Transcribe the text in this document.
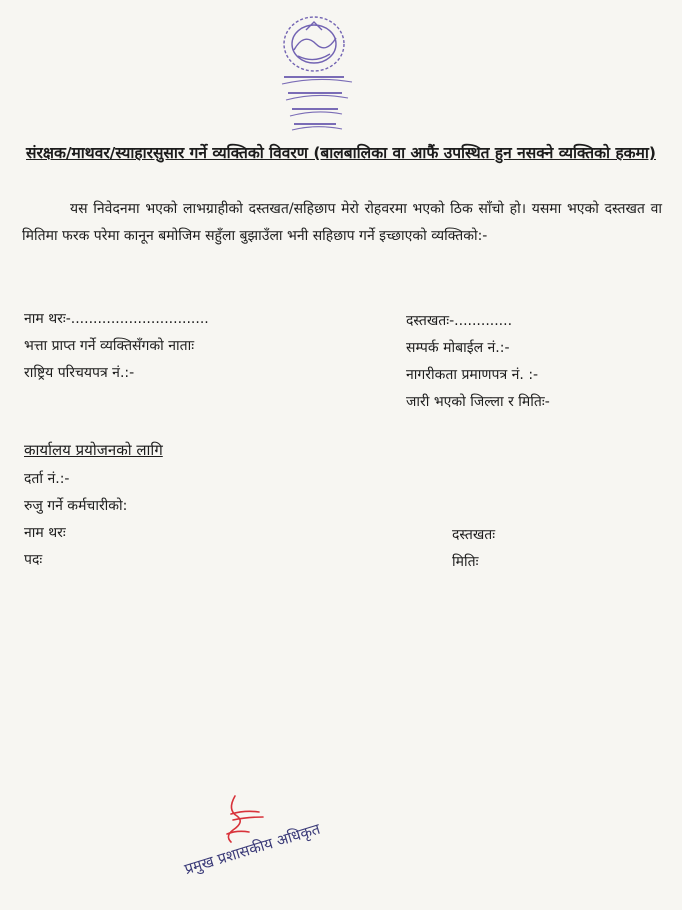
संरक्षक/माथवर/स्याहारसुसार गर्ने व्यक्तिको विवरण (बालबालिका वा आफैं उपस्थित हुन नसक्ने व्यक्तिको हकमा)
यस निवेदनमा भएको लाभग्राहीको दस्तखत/सहिछाप मेरो रोहवरमा भएको ठिक साँचो हो। यसमा भएको दस्तखत वा मितिमा फरक परेमा कानून बमोजिम सहुँला बुझाउँला भनी सहिछाप गर्ने इच्छाएको व्यक्तिको:-
नाम थरः-...............................
भत्ता प्राप्त गर्ने व्यक्तिसँगको नाताः
राष्ट्रिय परिचयपत्र नं.:-
दस्तखतः-.............
सम्पर्क मोबाईल नं.:-
नागरीकता प्रमाणपत्र नं. :-
जारी भएको जिल्ला र मितिः-
कार्यालय प्रयोजनको लागि
दर्ता नं.:-
रुजु गर्ने कर्मचारीको:
नाम थरः
पदः
दस्तखतः
मितिः
प्रमुख प्रशासकीय अधिकृत
